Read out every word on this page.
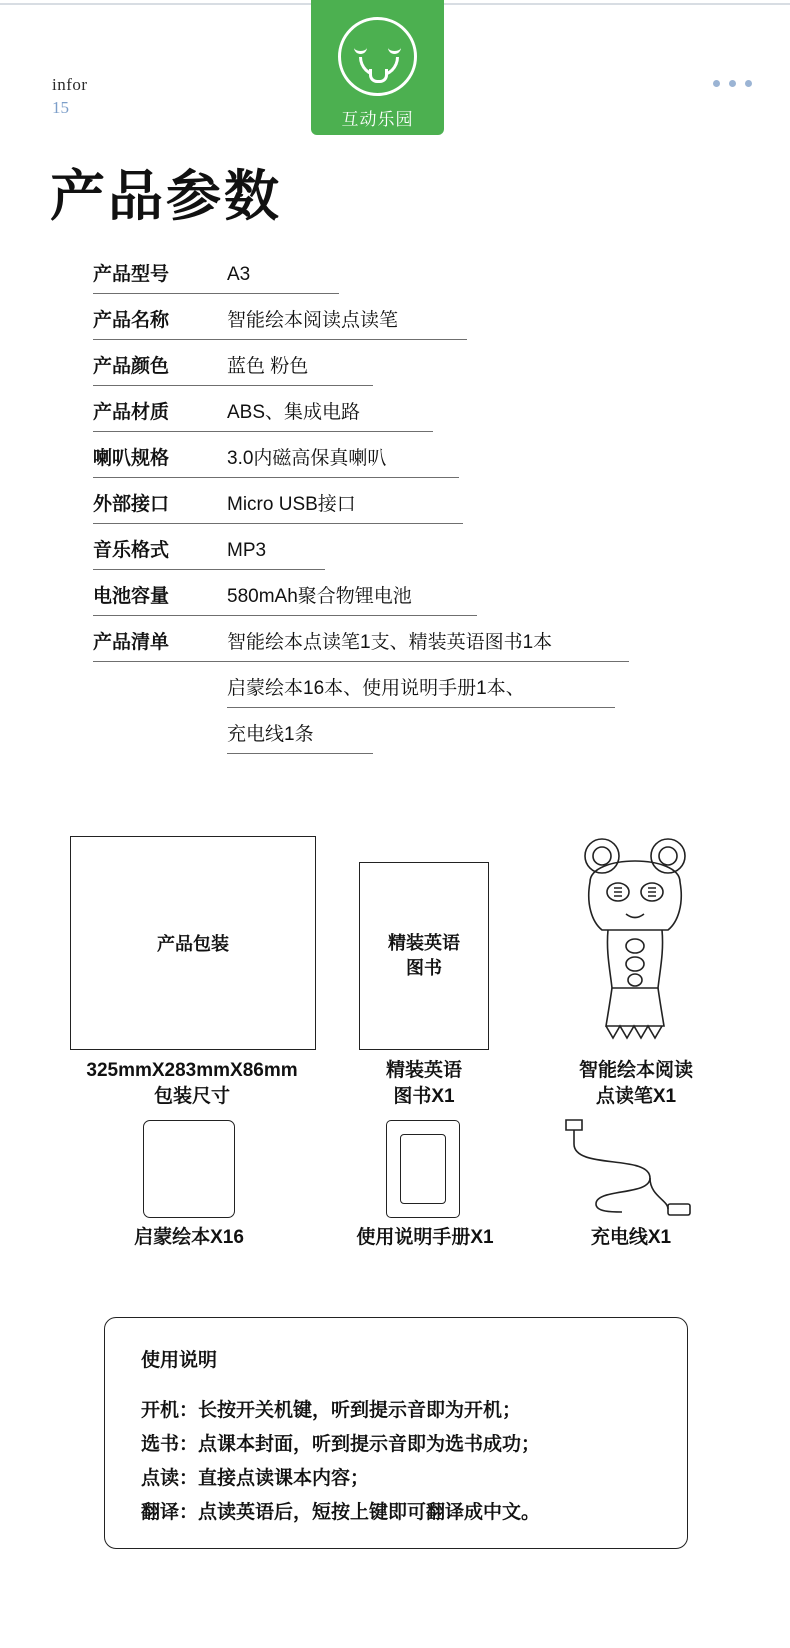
infor
15
互动乐园
产品参数
产品型号	A3
产品名称	智能绘本阅读点读笔
产品颜色	蓝色 粉色
产品材质	ABS、集成电路
喇叭规格	3.0内磁高保真喇叭
外部接口	Micro USB接口
音乐格式	MP3
电池容量	580mAh聚合物锂电池
产品清单	智能绘本点读笔1支、精装英语图书1本
启蒙绘本16本、使用说明手册1本、
充电线1条
产品包装
325mmX283mmX86mm
包装尺寸
精装英语
图书
精装英语
图书X1
智能绘本阅读
点读笔X1
启蒙绘本X16	使用说明手册X1	充电线X1
使用说明
开机：长按开关机键，听到提示音即为开机；
选书：点课本封面，听到提示音即为选书成功；
点读：直接点读课本内容；
翻译：点读英语后，短按上键即可翻译成中文。
